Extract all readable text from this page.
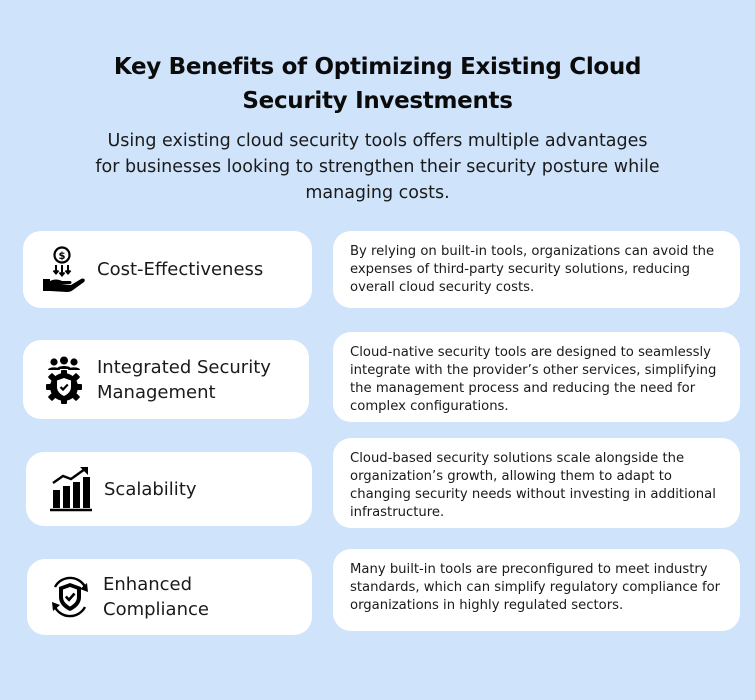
Key Benefits of Optimizing Existing Cloud Security Investments
Using existing cloud security tools offers multiple advantages for businesses looking to strengthen their security posture while managing costs.
$
Cost-Effectiveness
By relying on built-in tools, organizations can avoid the expenses of third-party security solutions, reducing overall cloud security costs.
Integrated Security Management
Cloud-native security tools are designed to seamlessly integrate with the provider’s other services, simplifying the management process and reducing the need for complex configurations.
Scalability
Cloud-based security solutions scale alongside the organization’s growth, allowing them to adapt to changing security needs without investing in additional infrastructure.
Enhanced Compliance
Many built-in tools are preconfigured to meet industry standards, which can simplify regulatory compliance for organizations in highly regulated sectors.
